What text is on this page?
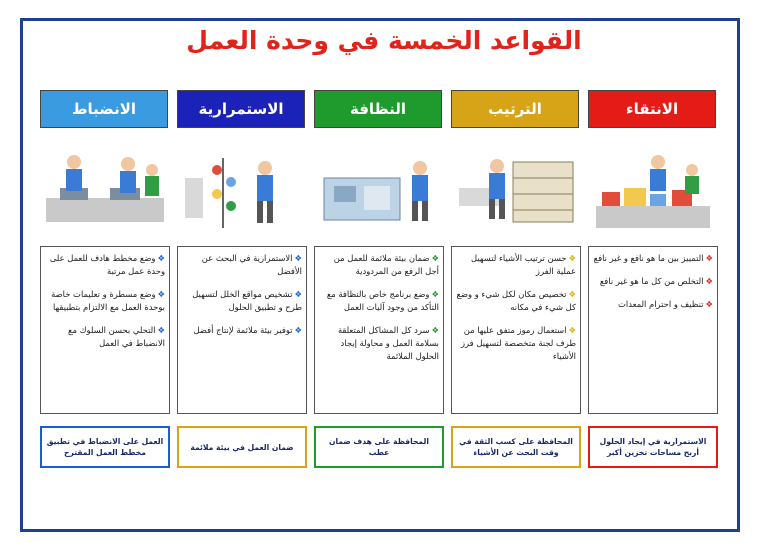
القواعد الخمسة في وحدة العمل
الانتقاء
الترتيب
النظافة
الاستمرارية
الانضباط
❖التمييز بين ما هو نافع و غير نافع
❖التخلص من كل ما هو غير نافع
❖تنظيف و احترام المعدات
❖حسن ترتيب الأشياء لتسهيل عملية الفرز
❖تخصيص مكان لكل شيء و وضع كل شيء في مكانه
❖استعمال رموز متفق عليها من طرف لجنة متخصصة لتسهيل فرز الأشياء
❖ضمان بيئة ملائمة للعمل من أجل الرفع من المردودية
❖وضع برنامج خاص بالنظافة مع التأكد من وجود آليات العمل
❖سرد كل المشاكل المتعلقة بسلامة العمل و محاولة إيجاد الحلول الملائمة
❖الاستمرارية في البحث عن الأفضل
❖تشخيص مواقع الخلل لتسهيل طرح و تطبيق الحلول
❖توفير بيئة ملائمة لإنتاج أفضل
❖وضع مخطط هادف للعمل على وحدة عمل مرتبة
❖وضع مسطرة و تعليمات خاصة بوحدة العمل مع الالتزام بتطبيقها
❖التحلي بحسن السلوك مع الانضباط في العمل
الاستمرارية في إيجاد الحلول أربح مساحات تخزين أكبر
المحافظة على كسب الثقة في وقت البحث عن الأشياء
المحافظة على هدف ضمان عطب
ضمان العمل في بيئة ملائمة
العمل على الانضباط في تطبيق مخطط العمل المقترح
